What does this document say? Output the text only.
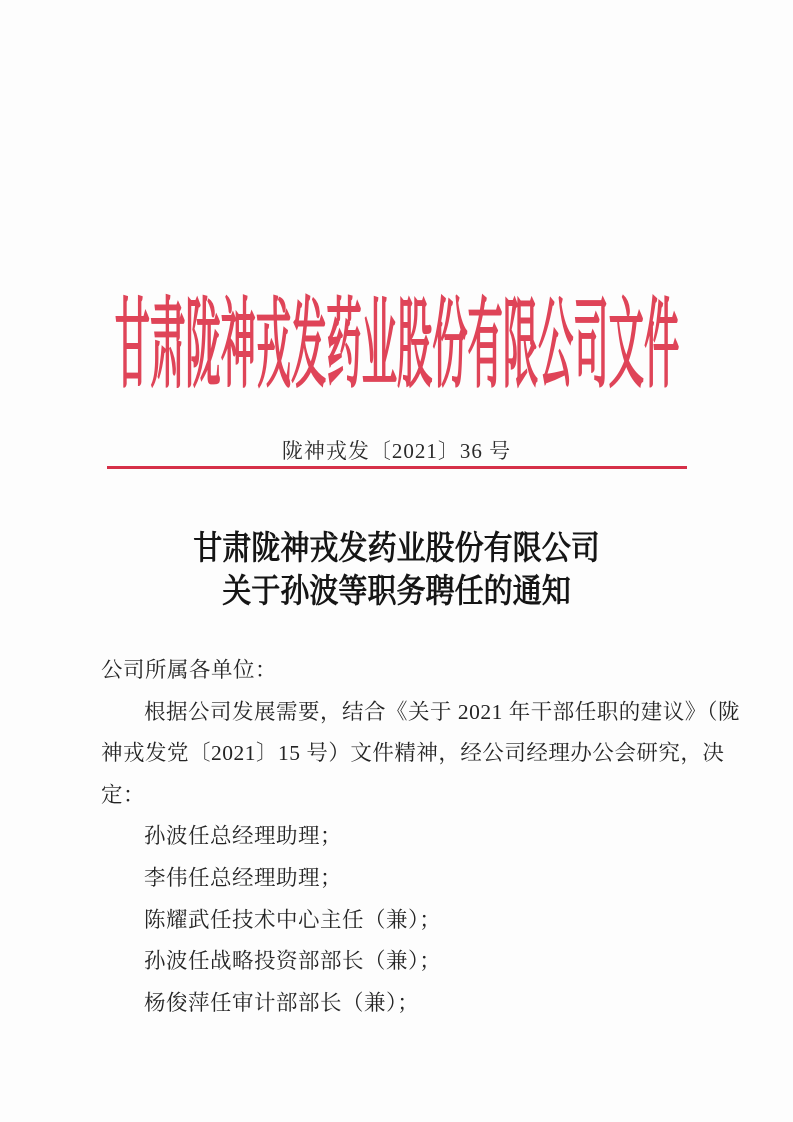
甘肃陇神戎发药业股份有限公司文件
陇神戎发〔2021〕36 号
甘肃陇神戎发药业股份有限公司
关于孙波等职务聘任的通知
公司所属各单位：
根据公司发展需要，结合《关于 2021 年干部任职的建议》（陇
神戎发党〔2021〕15 号）文件精神，经公司经理办公会研究，决
定：
孙波任总经理助理；
李伟任总经理助理；
陈耀武任技术中心主任（兼）；
孙波任战略投资部部长（兼）；
杨俊萍任审计部部长（兼）；
